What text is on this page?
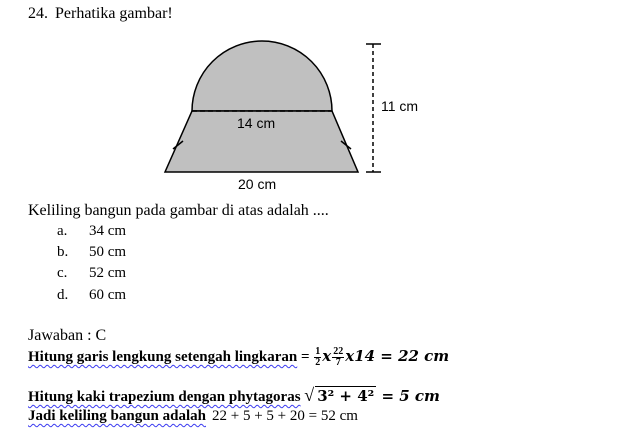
24. Perhatika gambar!
14 cm
11 cm
20 cm
Keliling bangun pada gambar di atas adalah ....
a. 34 cm
b. 50 cm
c. 52 cm
d. 60 cm
Jawaban : C
Hitung garis lengkung setengah lingkaran = $\frac{1}{2}$ x $\frac{22}{7} x14 = 22$ cm
Hitung kaki trapezium dengan phytagoras √ 3² + 4² = 5 cm
Jadi keliling bangun adalah 22 + 5 + 5 + 20 = 52 cm
